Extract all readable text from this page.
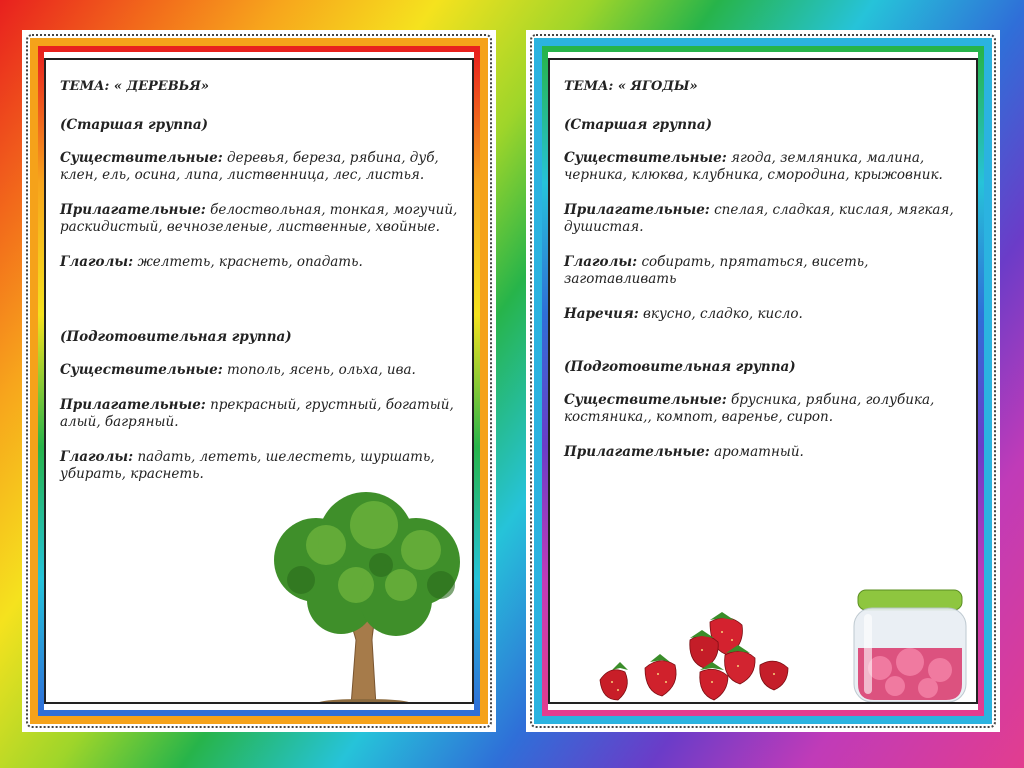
ТЕМА: « ДЕРЕВЬЯ»

(Старшая группа)

Существительные: деревья, береза, рябина, дуб, клен, ель, осина, липа, лиственница, лес, листья.

Прилагательные: белоствольная, тонкая, могучий, раскидистый, вечнозеленые, лиственные, хвойные.

Глаголы: желтеть, краснеть, опадать.

(Подготовительная группа)

Существительные: тополь, ясень, ольха, ива.

Прилагательные: прекрасный, грустный, богатый, алый, багряный.

Глаголы: падать, лететь, шелестеть, шуршать, убирать, краснеть.

ТЕМА: « ЯГОДЫ»

(Старшая группа)

Существительные: ягода, земляника, малина, черника, клюква, клубника, смородина, крыжовник.

Прилагательные: спелая, сладкая, кислая, мягкая, душистая.

Глаголы: собирать, прятаться, висеть, заготавливать

Наречия: вкусно, сладко, кисло.

(Подготовительная группа)

Существительные: брусника, рябина, голубика, костяника,, компот, варенье, сироп.

Прилагательные: ароматный.
